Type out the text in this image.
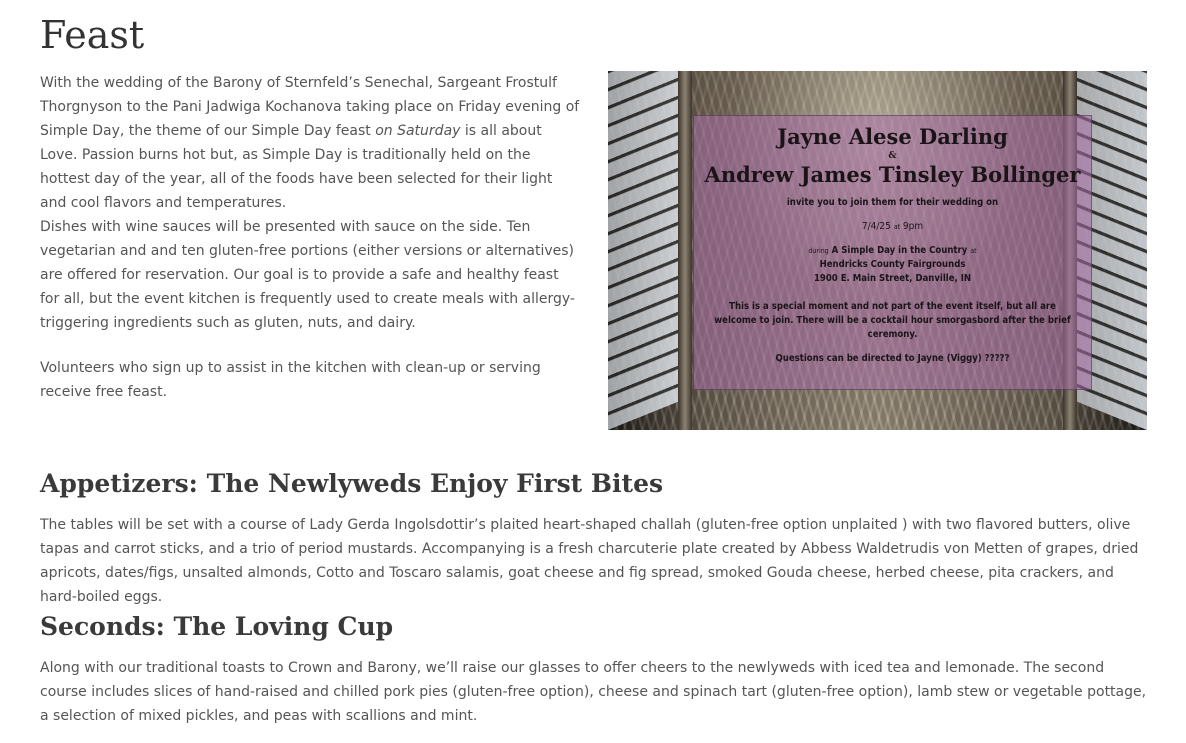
Feast

With the wedding of the Barony of Sternfeld’s Senechal, Sargeant Frostulf Thorgnyson to the Pani Jadwiga Kochanova taking place on Friday evening of Simple Day, the theme of our Simple Day feast on Saturday is all about Love. Passion burns hot but, as Simple Day is traditionally held on the hottest day of the year, all of the foods have been selected for their light and cool flavors and temperatures.

Dishes with wine sauces will be presented with sauce on the side. Ten vegetarian and and ten gluten-free portions (either versions or alternatives) are offered for reservation. Our goal is to provide a safe and healthy feast for all, but the event kitchen is frequently used to create meals with allergy-triggering ingredients such as gluten, nuts, and dairy.

Volunteers who sign up to assist in the kitchen with clean-up or serving receive free feast.

Jayne Alese Darling
&
Andrew James Tinsley Bollinger
invite you to join them for their wedding on
7/4/25 at 9pm
during A Simple Day in the Country at
Hendricks County Fairgrounds
1900 E. Main Street, Danville, IN
This is a special moment and not part of the event itself, but all are welcome to join. There will be a cocktail hour smorgasbord after the brief ceremony.
Questions can be directed to Jayne (Viggy) ?????
Appetizers: The Newlyweds Enjoy First Bites

The tables will be set with a course of Lady Gerda Ingolsdottir’s plaited heart-shaped challah (gluten-free option unplaited ) with two flavored butters, olive tapas and carrot sticks, and a trio of period mustards. Accompanying is a fresh charcuterie plate created by Abbess Waldetrudis von Metten of grapes, dried apricots, dates/figs, unsalted almonds, Cotto and Toscaro salamis, goat cheese and fig spread, smoked Gouda cheese, herbed cheese, pita crackers, and hard-boiled eggs.

Seconds: The Loving Cup

Along with our traditional toasts to Crown and Barony, we’ll raise our glasses to offer cheers to the newlyweds with iced tea and lemonade. The second course includes slices of hand-raised and chilled pork pies (gluten-free option), cheese and spinach tart (gluten-free option), lamb stew or vegetable pottage, a selection of mixed pickles, and peas with scallions and mint.
